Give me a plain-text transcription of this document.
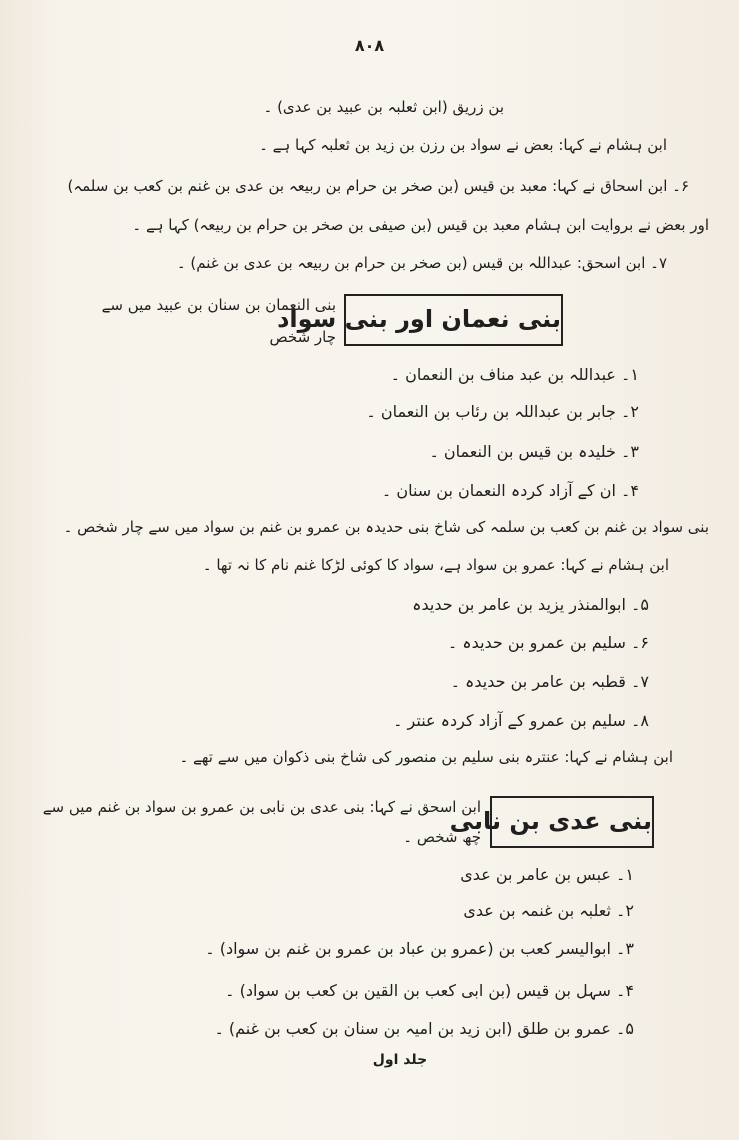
۸۰۸
بن زریق (ابن ثعلبہ بن عبید بن عدی) ۔
ابن ہشام نے کہا: بعض نے سواد بن رزن بن زید بن ثعلبہ کہا ہے ۔
۶۔ ابن اسحاق نے کہا: معبد بن قیس (بن صخر بن حرام بن ربیعہ بن عدی بن غنم بن کعب بن سلمہ)
اور بعض نے بروایت ابن ہشام معبد بن قیس (بن صیفی بن صخر بن حرام بن ربیعہ) کہا ہے ۔
۷۔ ابن اسحق: عبداللہ بن قیس (بن صخر بن حرام بن ربیعہ بن عدی بن غنم) ۔
بنی نعمان اور بنی سواد
بنی النعمان بن سنان بن عبید میں سے
چار شخص
۱۔ عبداللہ بن عبد مناف بن النعمان ۔
۲۔ جابر بن عبداللہ بن رئاب بن النعمان ۔
۳۔ خلیدہ بن قیس بن النعمان ۔
۴۔ ان کے آزاد کردہ النعمان بن سنان ۔
بنی سواد بن غنم بن کعب بن سلمہ کی شاخ بنی حدیدہ بن عمرو بن غنم بن سواد میں سے چار شخص ۔
ابن ہشام نے کہا: عمرو بن سواد ہے، سواد کا کوئی لڑکا غنم نام کا نہ تھا ۔
۵۔ ابوالمنذر یزید بن عامر بن حدیدہ
۶۔ سلیم بن عمرو بن حدیدہ ۔
۷۔ قطبہ بن عامر بن حدیدہ ۔
۸۔ سلیم بن عمرو کے آزاد کردہ عنتر ۔
ابن ہشام نے کہا: عنترہ بنی سلیم بن منصور کی شاخ بنی ذکوان میں سے تھے ۔
بنی عدی بن نابی
ابن اسحق نے کہا: بنی عدی بن نابی بن عمرو بن سواد بن غنم میں سے
چھ شخص ۔
۱۔ عبس بن عامر بن عدی
۲۔ ثعلبہ بن غنمہ بن عدی
۳۔ ابوالیسر کعب بن (عمرو بن عباد بن عمرو بن غنم بن سواد) ۔
۴۔ سہل بن قیس (بن ابی کعب بن القین بن کعب بن سواد) ۔
۵۔ عمرو بن طلق (ابن زید بن امیہ بن سنان بن کعب بن غنم) ۔
جلد اول
